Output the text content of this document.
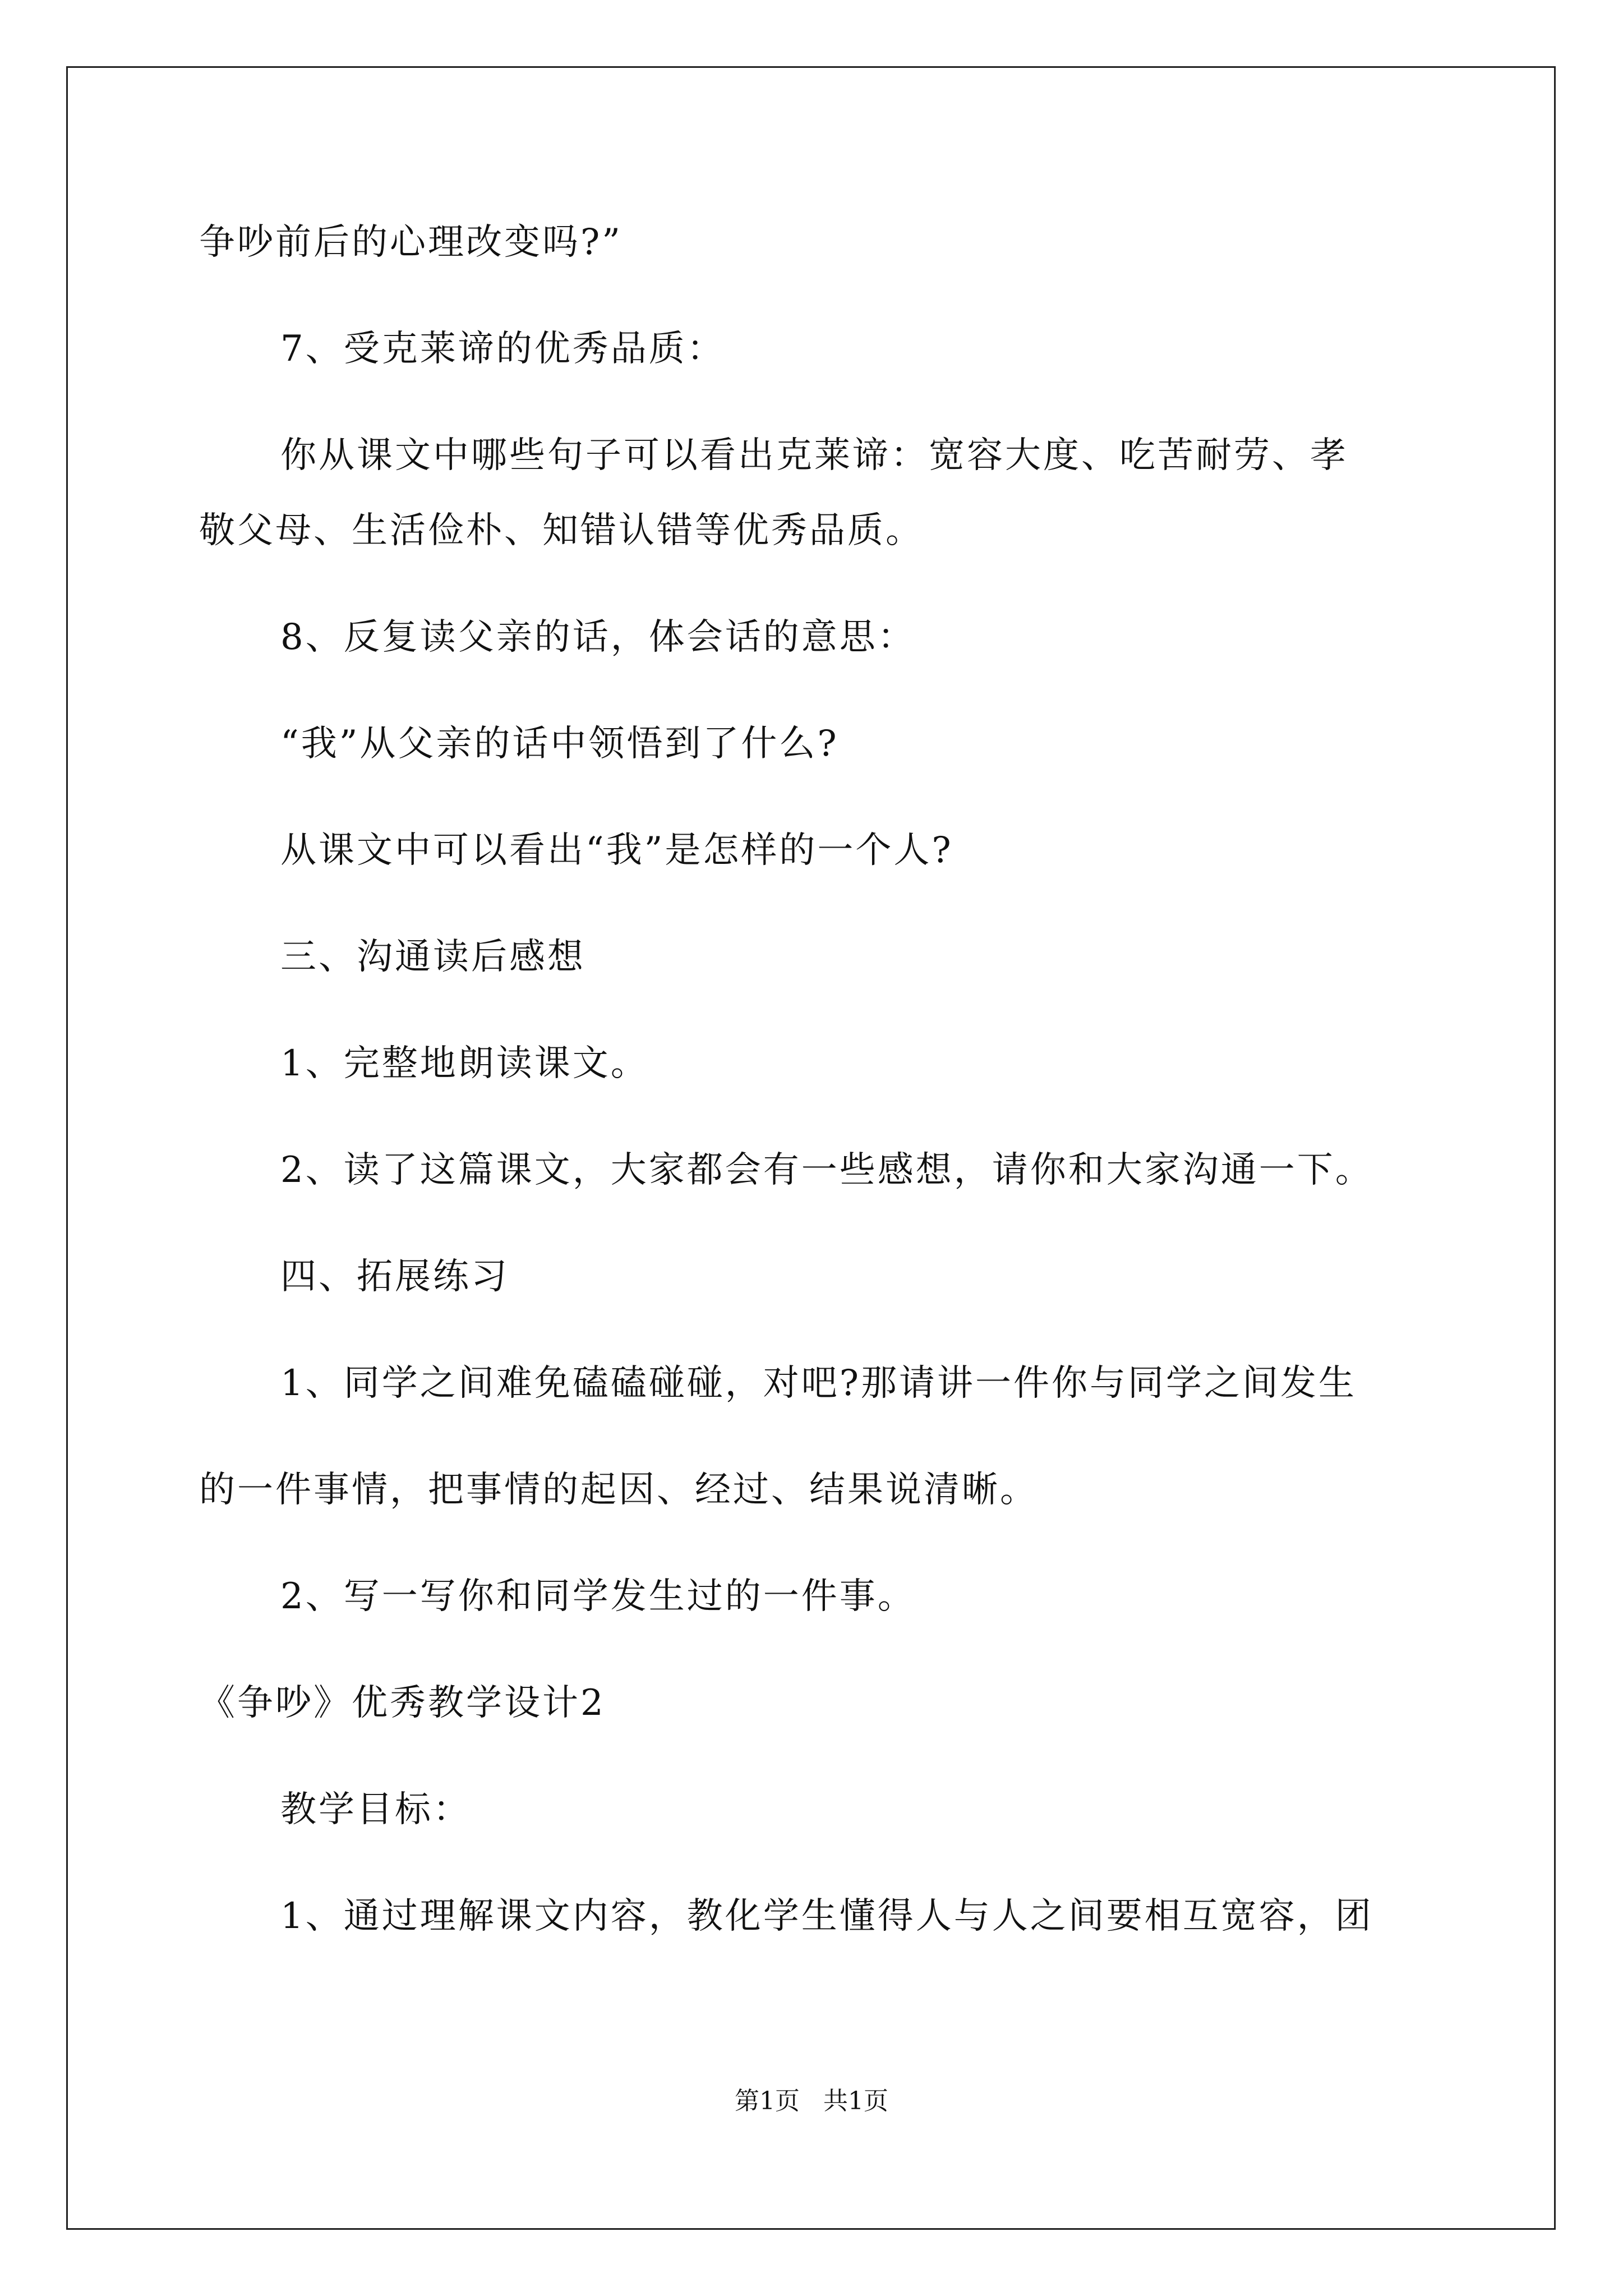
争吵前后的心理改变吗?”

7、受克莱谛的优秀品质：

你从课文中哪些句子可以看出克莱谛：宽容大度、吃苦耐劳、孝

敬父母、生活俭朴、知错认错等优秀品质。

8、反复读父亲的话，体会话的意思：

“我”从父亲的话中领悟到了什么?

从课文中可以看出“我”是怎样的一个人?

三、沟通读后感想

1、完整地朗读课文。

2、读了这篇课文，大家都会有一些感想，请你和大家沟通一下。

四、拓展练习

1、同学之间难免磕磕碰碰，对吧?那请讲一件你与同学之间发生

的一件事情，把事情的起因、经过、结果说清晰。

2、写一写你和同学发生过的一件事。

《争吵》优秀教学设计2

教学目标：

1、通过理解课文内容，教化学生懂得人与人之间要相互宽容，团

第1页   共1页
